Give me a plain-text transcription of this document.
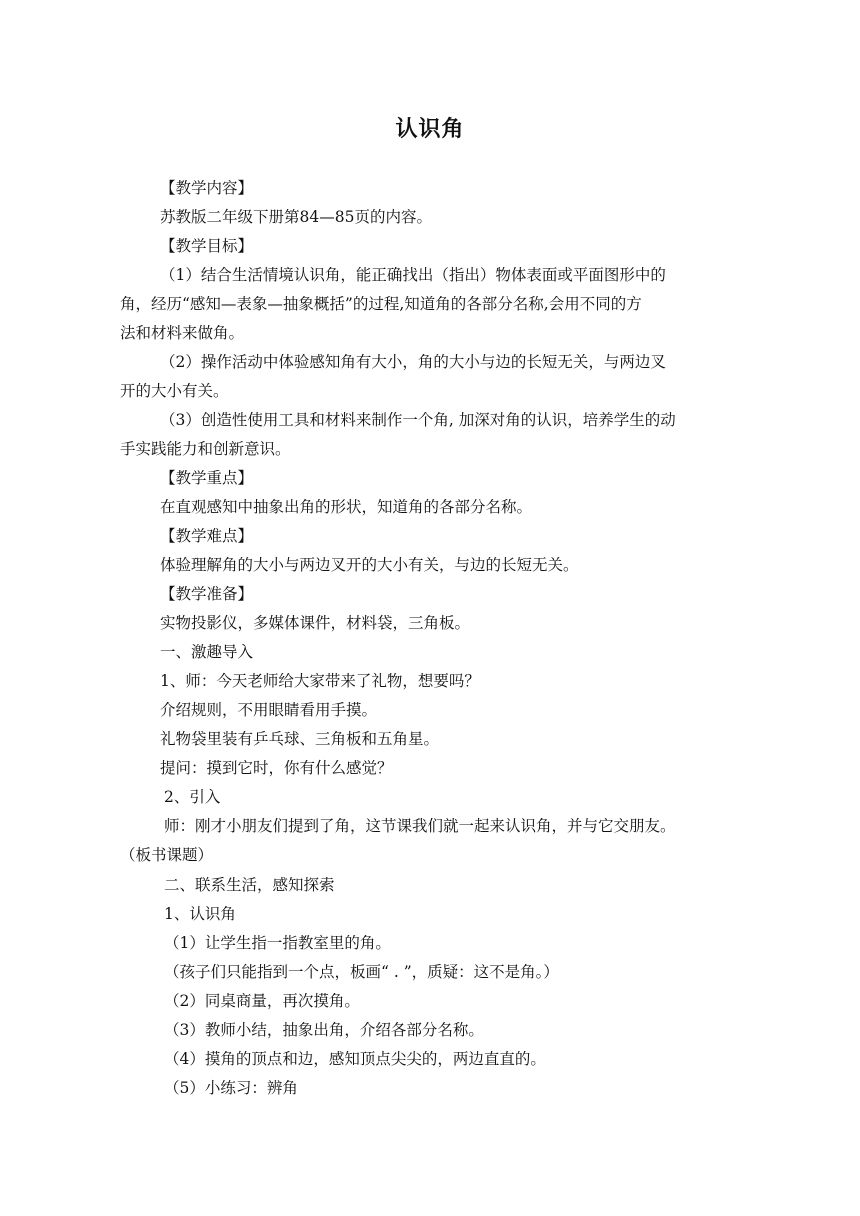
认识角
【教学内容】
苏教版二年级下册第84—85页的内容。
【教学目标】
（1）结合生活情境认识角，能正确找出（指出）物体表面或平面图形中的
角，经历“感知—表象—抽象概括”的过程,知道角的各部分名称,会用不同的方
法和材料来做角。
（2）操作活动中体验感知角有大小，角的大小与边的长短无关，与两边叉
开的大小有关。
（3）创造性使用工具和材料来制作一个角, 加深对角的认识，培养学生的动
手实践能力和创新意识。
【教学重点】
在直观感知中抽象出角的形状，知道角的各部分名称。
【教学难点】
体验理解角的大小与两边叉开的大小有关，与边的长短无关。
【教学准备】
实物投影仪，多媒体课件，材料袋，三角板。
一、激趣导入
1、师：今天老师给大家带来了礼物，想要吗？
介绍规则，不用眼睛看用手摸。
礼物袋里装有乒乓球、三角板和五角星。
提问：摸到它时，你有什么感觉？
2、引入
师：刚才小朋友们提到了角，这节课我们就一起来认识角，并与它交朋友。
（板书课题）
二、联系生活，感知探索
1、认识角
（1）让学生指一指教室里的角。
（孩子们只能指到一个点，板画“ . ”，质疑：这不是角。）
（2）同桌商量，再次摸角。
（3）教师小结，抽象出角，介绍各部分名称。
（4）摸角的顶点和边，感知顶点尖尖的，两边直直的。
（5）小练习：辨角
